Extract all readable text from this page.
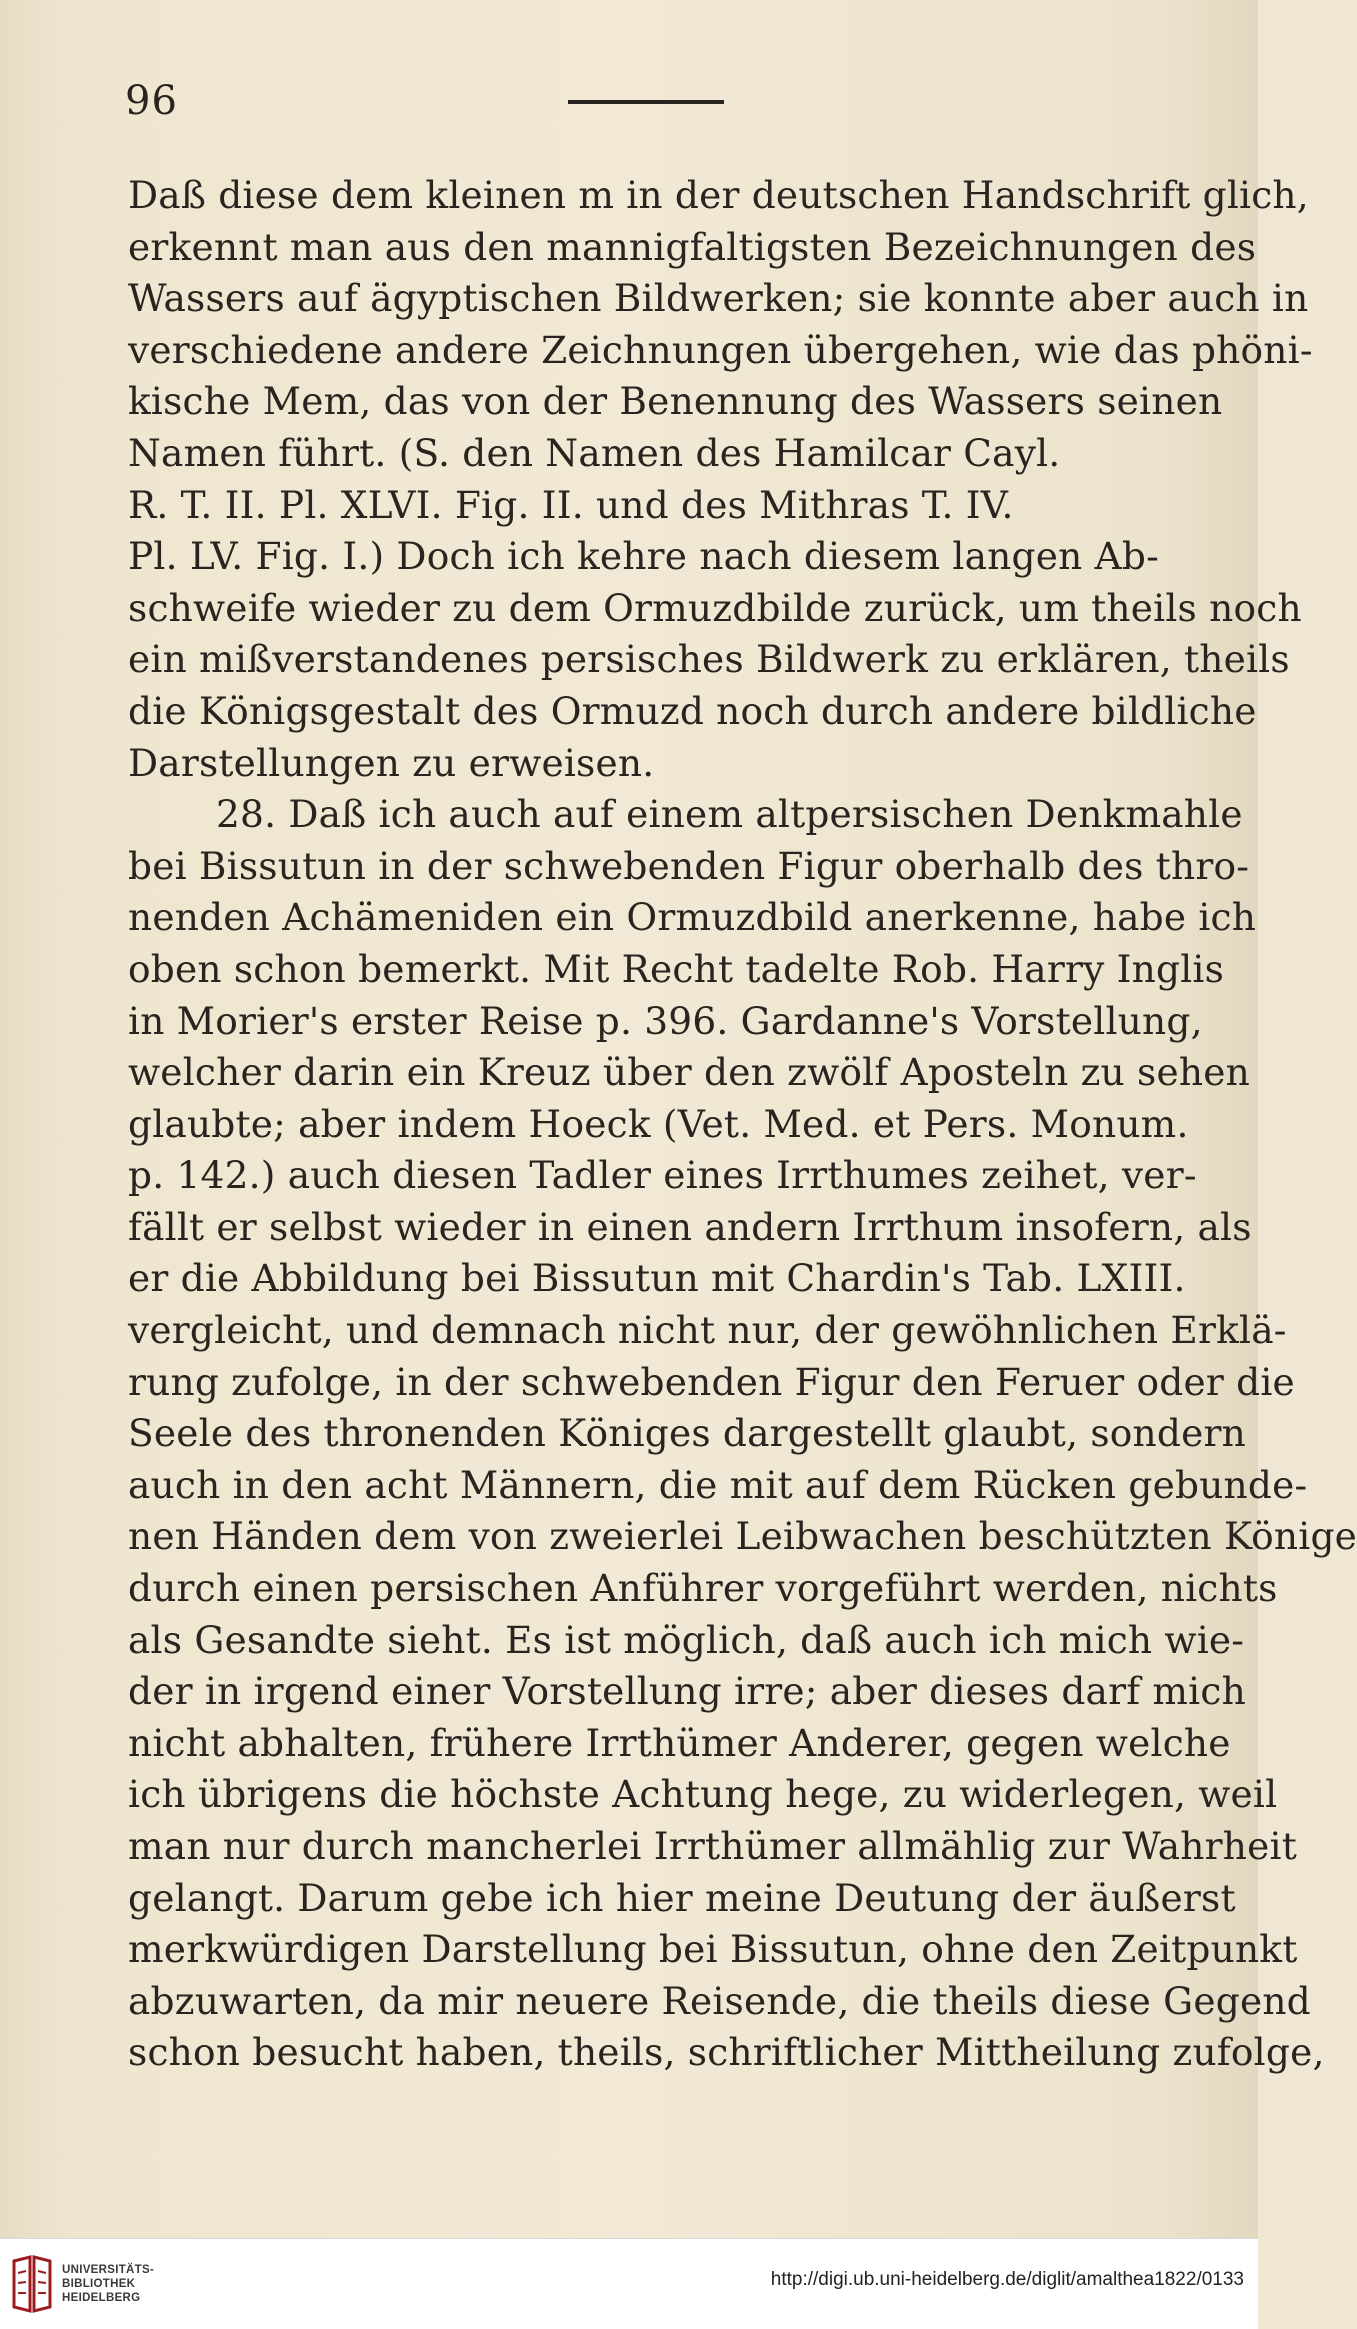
96
Daß diese dem kleinen m in der deutschen Handschrift glich,
erkennt man aus den mannigfaltigsten Bezeichnungen des
Wassers auf ägyptischen Bildwerken; sie konnte aber auch in
verschiedene andere Zeichnungen übergehen, wie das phöni-
kische Mem, das von der Benennung des Wassers seinen
Namen führt. (S. den Namen des Hamilcar Cayl.
R. T. II. Pl. XLVI. Fig. II. und des Mithras T. IV.
Pl. LV. Fig. I.) Doch ich kehre nach diesem langen Ab-
schweife wieder zu dem Ormuzdbilde zurück, um theils noch
ein mißverstandenes persisches Bildwerk zu erklären, theils
die Königsgestalt des Ormuzd noch durch andere bildliche
Darstellungen zu erweisen.
28. Daß ich auch auf einem altpersischen Denkmahle
bei Bissutun in der schwebenden Figur oberhalb des thro-
nenden Achämeniden ein Ormuzdbild anerkenne, habe ich
oben schon bemerkt. Mit Recht tadelte Rob. Harry Inglis
in Morier's erster Reise p. 396. Gardanne's Vorstellung,
welcher darin ein Kreuz über den zwölf Aposteln zu sehen
glaubte; aber indem Hoeck (Vet. Med. et Pers. Monum.
p. 142.) auch diesen Tadler eines Irrthumes zeihet, ver-
fällt er selbst wieder in einen andern Irrthum insofern, als
er die Abbildung bei Bissutun mit Chardin's Tab. LXIII.
vergleicht, und demnach nicht nur, der gewöhnlichen Erklä-
rung zufolge, in der schwebenden Figur den Feruer oder die
Seele des thronenden Königes dargestellt glaubt, sondern
auch in den acht Männern, die mit auf dem Rücken gebunde-
nen Händen dem von zweierlei Leibwachen beschützten Könige
durch einen persischen Anführer vorgeführt werden, nichts
als Gesandte sieht. Es ist möglich, daß auch ich mich wie-
der in irgend einer Vorstellung irre; aber dieses darf mich
nicht abhalten, frühere Irrthümer Anderer, gegen welche
ich übrigens die höchste Achtung hege, zu widerlegen, weil
man nur durch mancherlei Irrthümer allmählig zur Wahrheit
gelangt. Darum gebe ich hier meine Deutung der äußerst
merkwürdigen Darstellung bei Bissutun, ohne den Zeitpunkt
abzuwarten, da mir neuere Reisende, die theils diese Gegend
schon besucht haben, theils, schriftlicher Mittheilung zufolge,
UNIVERSITÄTS-
BIBLIOTHEK
HEIDELBERG
http://digi.ub.uni-heidelberg.de/diglit/amalthea1822/0133
